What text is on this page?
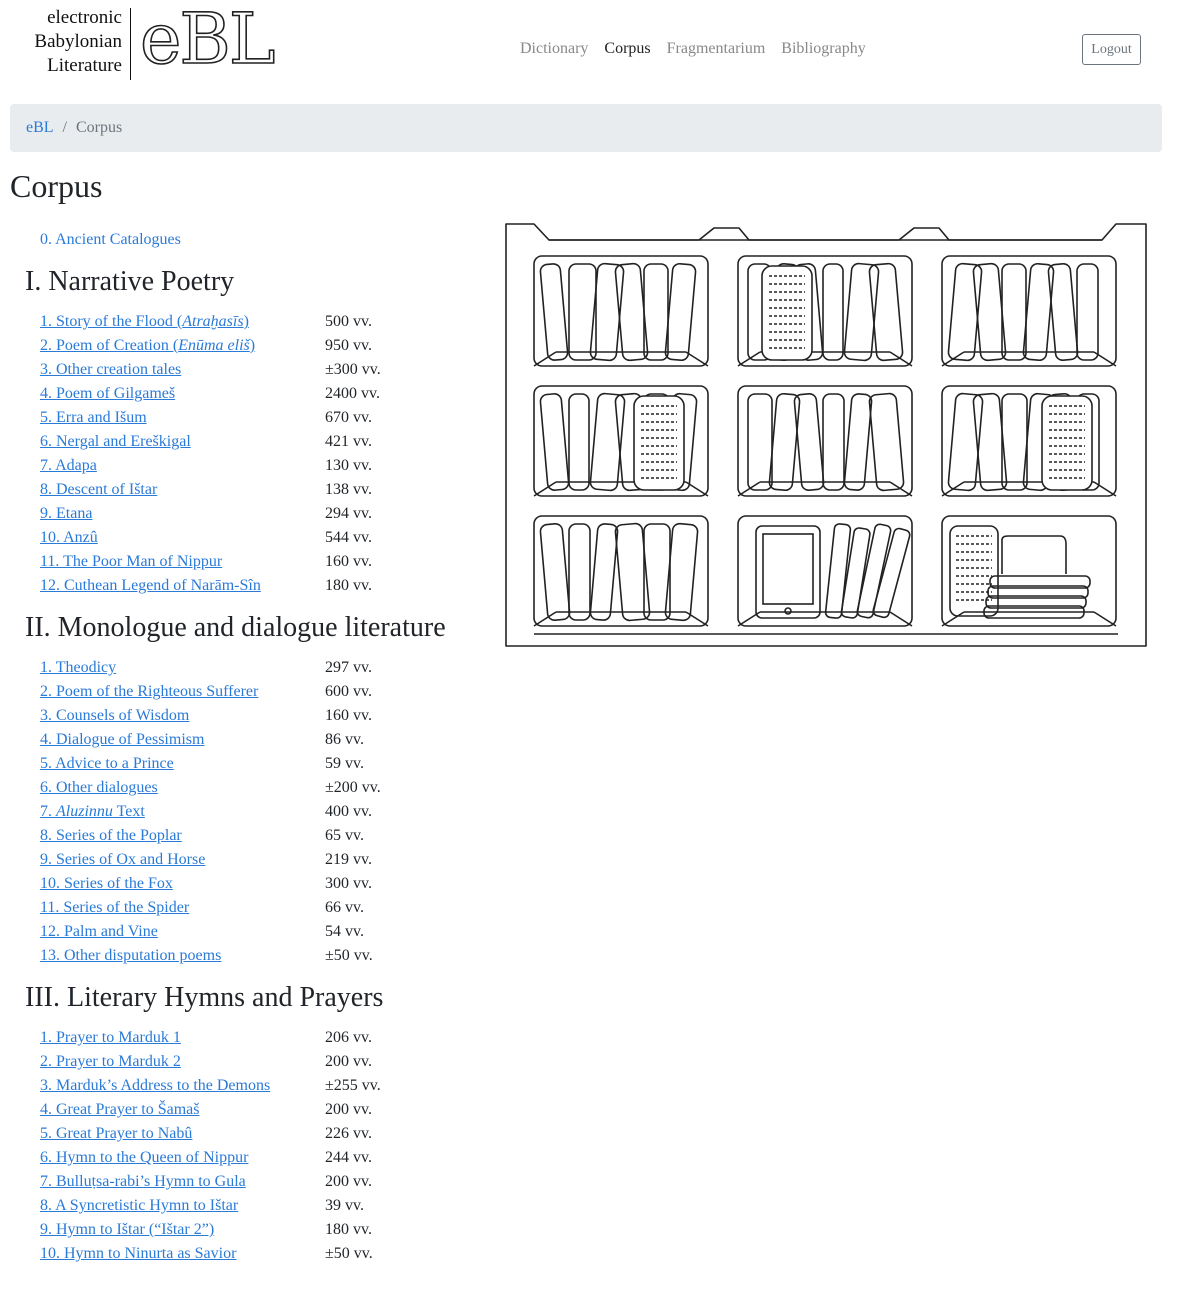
electronic
Babylonian
Literature eBL	Dictionary	Corpus	Fragmentarium	Bibliography	Logout
eBL / Corpus
Corpus
0. Ancient Catalogues
I. Narrative Poetry
1. Story of the Flood (Atraḫasīs)	500 vv.
2. Poem of Creation (Enūma eliš)	950 vv.
3. Other creation tales	±300 vv.
4. Poem of Gilgameš	2400 vv.
5. Erra and Išum	670 vv.
6. Nergal and Ereškigal	421 vv.
7. Adapa	130 vv.
8. Descent of Ištar	138 vv.
9. Etana	294 vv.
10. Anzû	544 vv.
11. The Poor Man of Nippur	160 vv.
12. Cuthean Legend of Narām-Sîn	180 vv.
II. Monologue and dialogue literature
1. Theodicy	297 vv.
2. Poem of the Righteous Sufferer	600 vv.
3. Counsels of Wisdom	160 vv.
4. Dialogue of Pessimism	86 vv.
5. Advice to a Prince	59 vv.
6. Other dialogues	±200 vv.
7. Aluzinnu Text	400 vv.
8. Series of the Poplar	65 vv.
9. Series of Ox and Horse	219 vv.
10. Series of the Fox	300 vv.
11. Series of the Spider	66 vv.
12. Palm and Vine	54 vv.
13. Other disputation poems	±50 vv.
III. Literary Hymns and Prayers
1. Prayer to Marduk 1	206 vv.
2. Prayer to Marduk 2	200 vv.
3. Marduk’s Address to the Demons	±255 vv.
4. Great Prayer to Šamaš	200 vv.
5. Great Prayer to Nabû	226 vv.
6. Hymn to the Queen of Nippur	244 vv.
7. Bulluṭsa-rabi’s Hymn to Gula	200 vv.
8. A Syncretistic Hymn to Ištar	39 vv.
9. Hymn to Ištar (“Ištar 2”)	180 vv.
10. Hymn to Ninurta as Savior	±50 vv.
